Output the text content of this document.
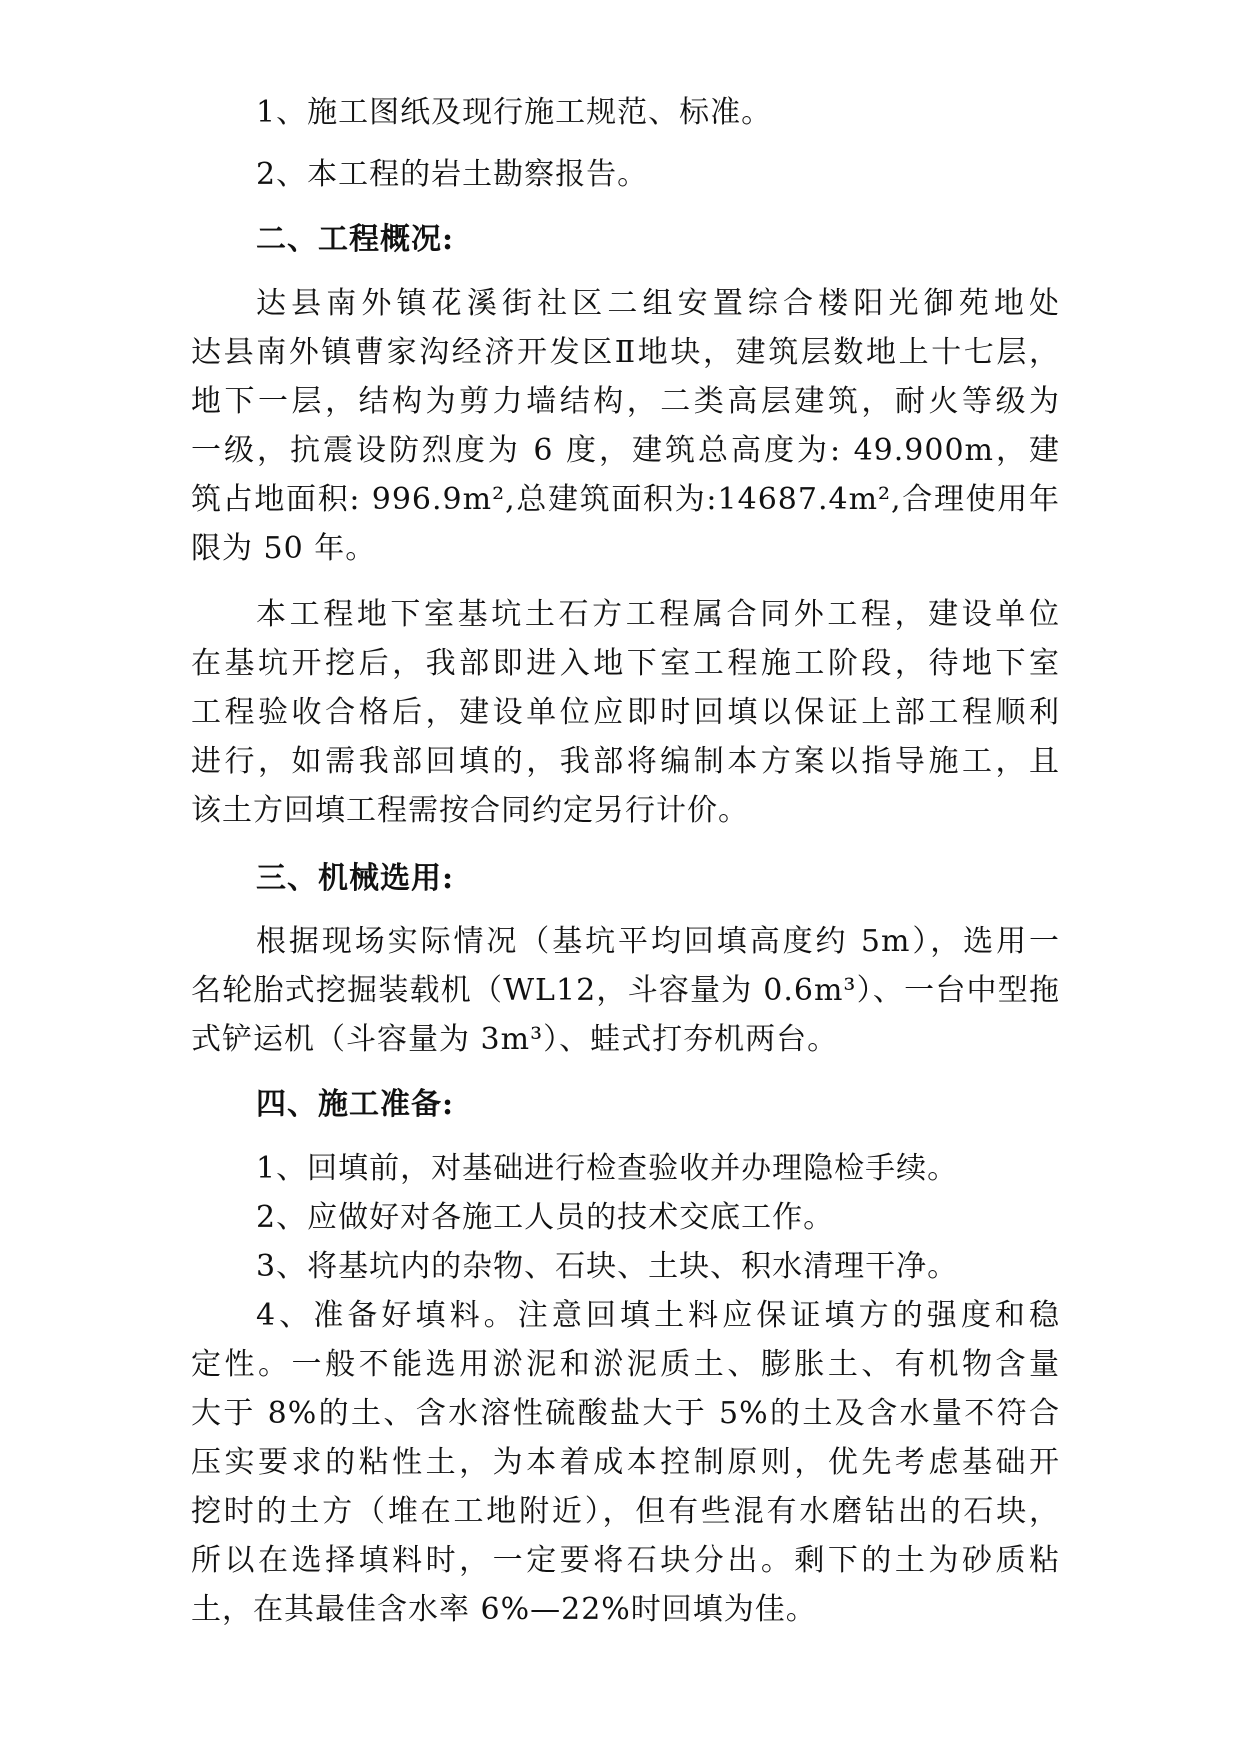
1、施工图纸及现行施工规范、标准。
2、本工程的岩土勘察报告。
二、工程概况:
达县南外镇花溪街社区二组安置综合楼阳光御苑地处
达县南外镇曹家沟经济开发区Ⅱ地块，建筑层数地上十七层，
地下一层，结构为剪力墙结构，二类高层建筑，耐火等级为
一级，抗震设防烈度为 6 度，建筑总高度为: 49.900m，建
筑占地面积: 996.9m²,总建筑面积为:14687.4m²,合理使用年
限为 50 年。
本工程地下室基坑土石方工程属合同外工程，建设单位
在基坑开挖后，我部即进入地下室工程施工阶段，待地下室
工程验收合格后，建设单位应即时回填以保证上部工程顺利
进行，如需我部回填的，我部将编制本方案以指导施工，且
该土方回填工程需按合同约定另行计价。
三、机械选用:
根据现场实际情况（基坑平均回填高度约 5m），选用一
名轮胎式挖掘装载机（WL12，斗容量为 0.6m³）、一台中型拖
式铲运机（斗容量为 3m³）、蛙式打夯机两台。
四、施工准备:
1、回填前，对基础进行检查验收并办理隐检手续。
2、应做好对各施工人员的技术交底工作。
3、将基坑内的杂物、石块、土块、积水清理干净。
4、准备好填料。注意回填土料应保证填方的强度和稳
定性。一般不能选用淤泥和淤泥质土、膨胀土、有机物含量
大于 8%的土、含水溶性硫酸盐大于 5%的土及含水量不符合
压实要求的粘性土，为本着成本控制原则，优先考虑基础开
挖时的土方（堆在工地附近），但有些混有水磨钻出的石块，
所以在选择填料时，一定要将石块分出。剩下的土为砂质粘
土，在其最佳含水率 6%—22%时回填为佳。
